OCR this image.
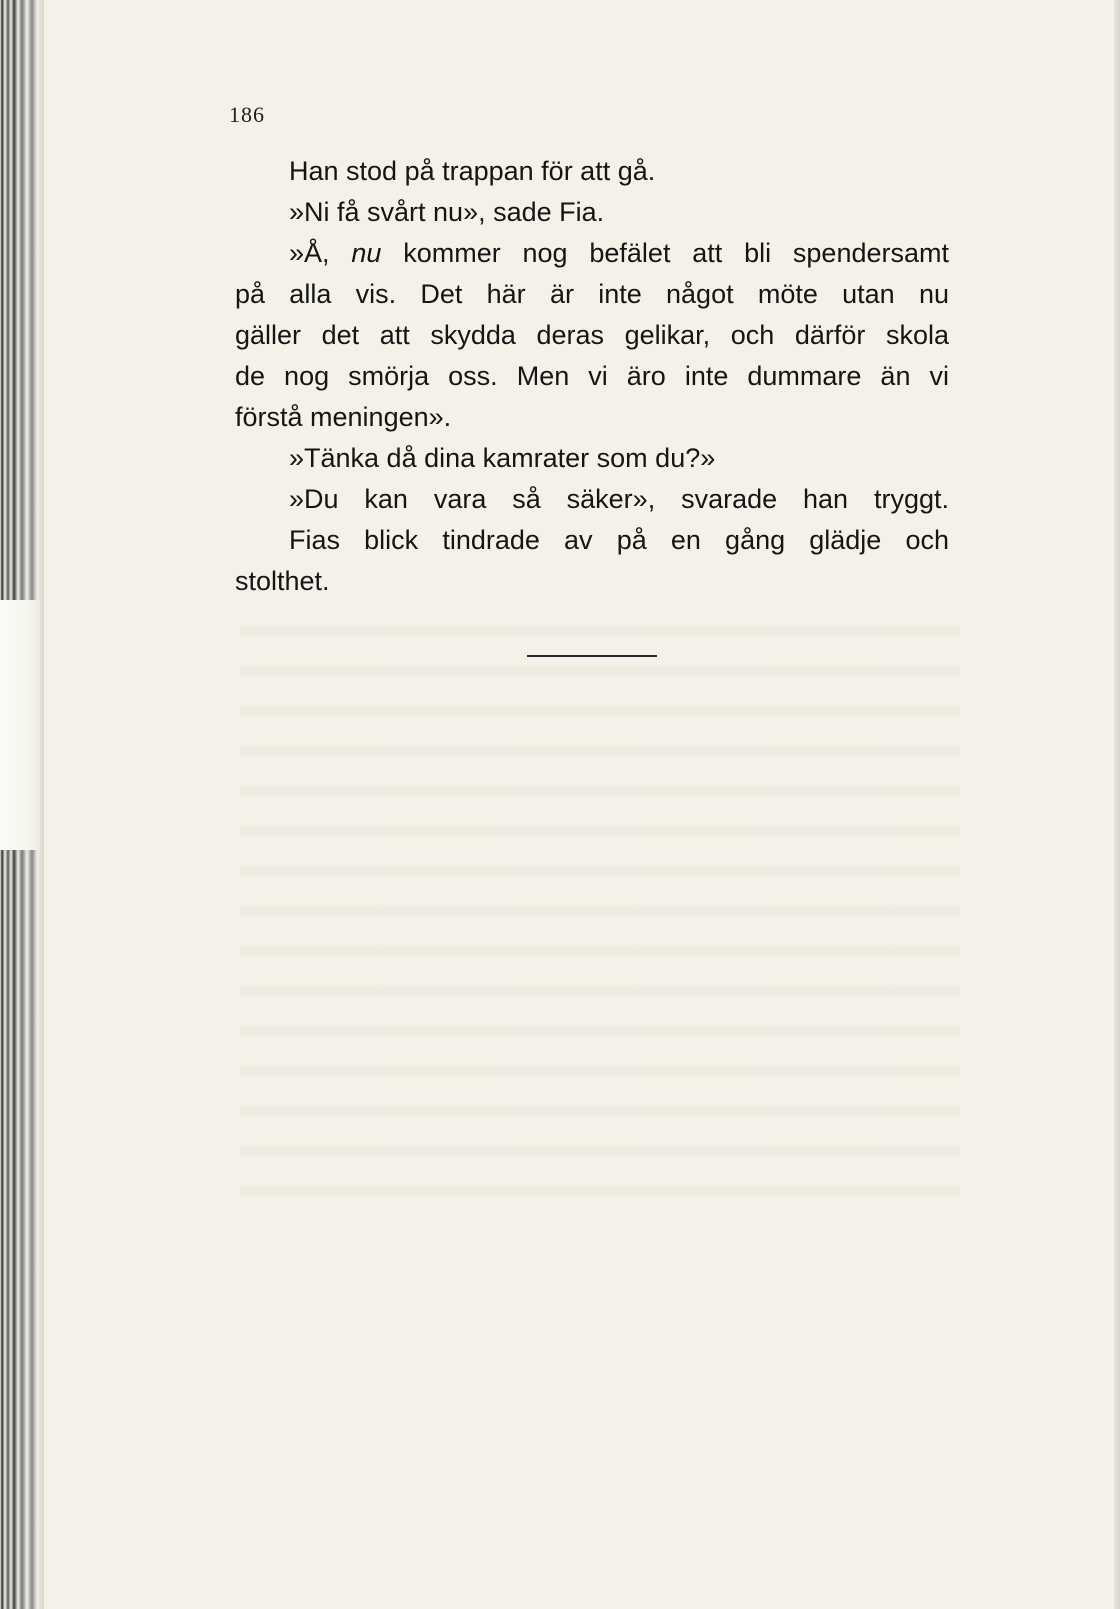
186
Han stod på trappan för att gå.
»Ni få svårt nu», sade Fia.
»Å, nu kommer nog befälet att bli spendersamt
på alla vis. Det här är inte något möte utan nu
gäller det att skydda deras gelikar, och därför skola
de nog smörja oss. Men vi äro inte dummare än vi
förstå meningen».
»Tänka då dina kamrater som du?»
»Du kan vara så säker», svarade han tryggt.
Fias blick tindrade av på en gång glädje och
stolthet.
